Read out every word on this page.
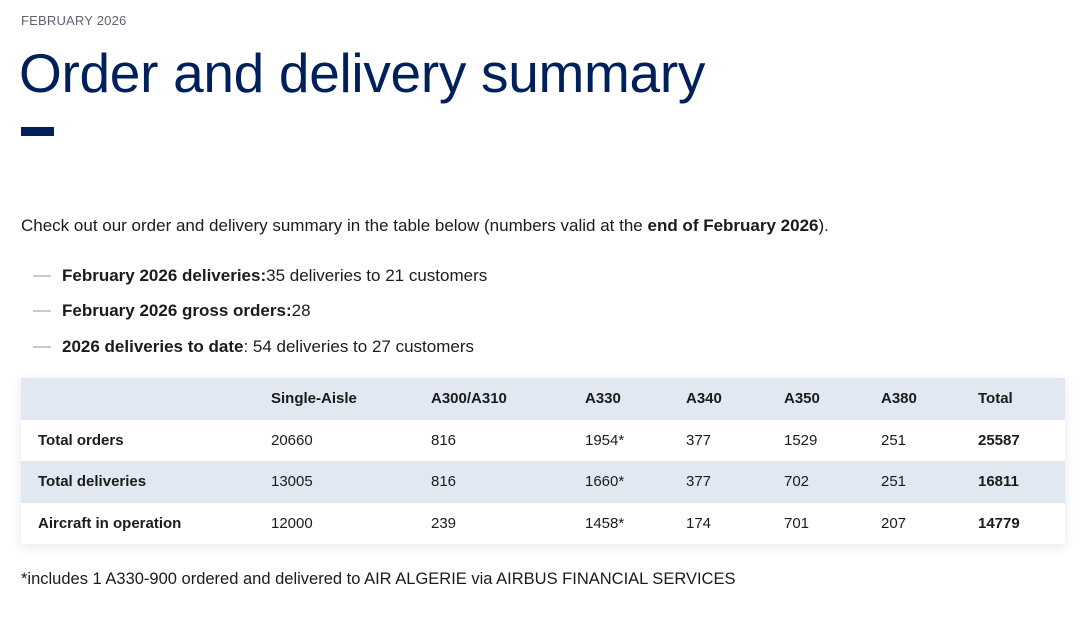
FEBRUARY 2026
Order and delivery summary

Check out our order and delivery summary in the table below (numbers valid at the end of February 2026).

February 2026 deliveries: 35 deliveries to 21 customers
February 2026 gross orders: 28
2026 deliveries to date : 54 deliveries to 27 customers
	Single-Aisle	A300/A310	A330	A340	A350	A380	Total
Total orders	20660	816	1954*	377	1529	251	25587
Total deliveries	13005	816	1660*	377	702	251	16811
Aircraft in operation	12000	239	1458*	174	701	207	14779

*includes 1 A330-900 ordered and delivered to AIR ALGERIE via AIRBUS FINANCIAL SERVICES
